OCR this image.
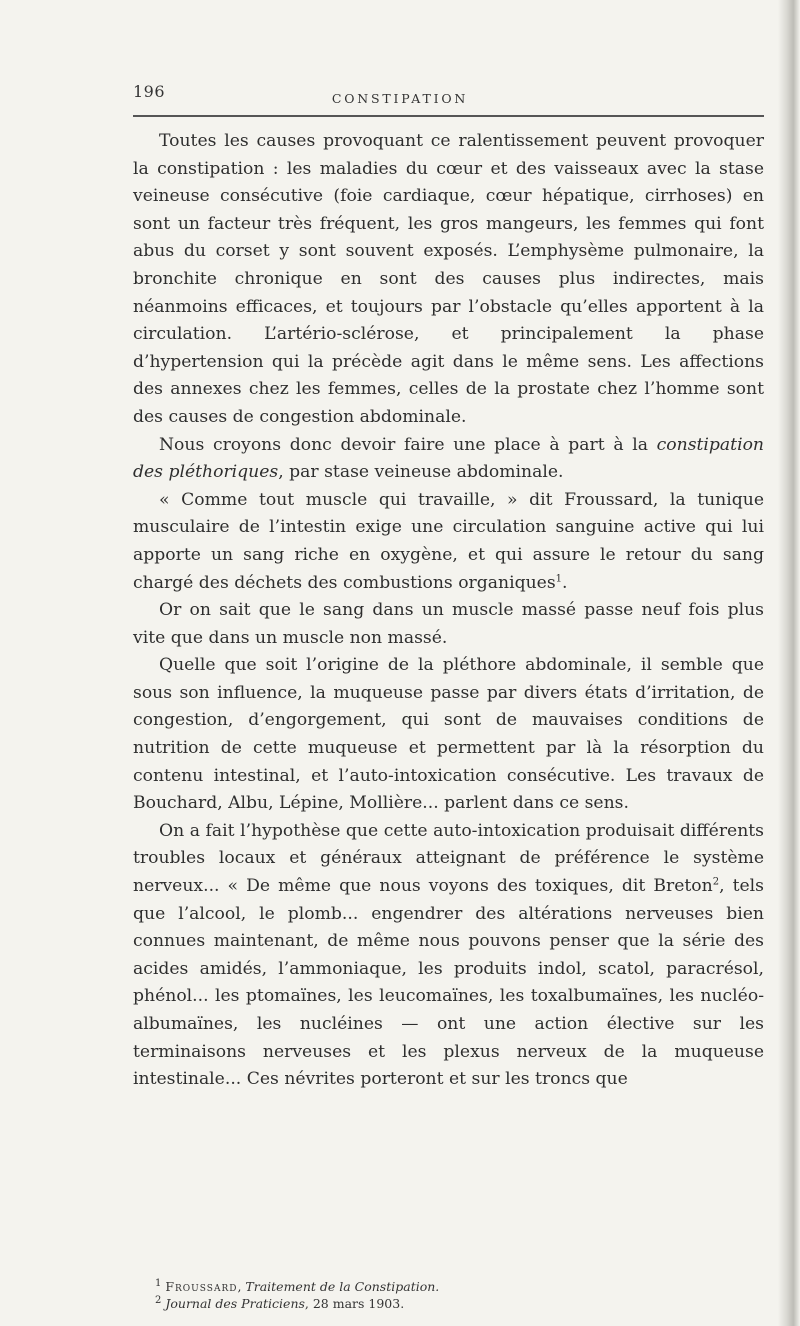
196	CONSTIPATION

Toutes les causes provoquant ce ralentissement peuvent provoquer la constipation : les maladies du cœur et des vaisseaux avec la stase veineuse consécutive (foie cardiaque, cœur hépatique, cirrhoses) en sont un facteur très fréquent, les gros mangeurs, les femmes qui font abus du corset y sont souvent exposés. L’emphysème pulmonaire, la bronchite chronique en sont des causes plus indirectes, mais néanmoins efficaces, et toujours par l’obstacle qu’elles apportent à la circulation. L’artério-sclérose, et principalement la phase d’hypertension qui la précède agit dans le même sens. Les affections des annexes chez les femmes, celles de la prostate chez l’homme sont des causes de congestion abdominale.

Nous croyons donc devoir faire une place à part à la constipation des pléthoriques, par stase veineuse abdominale.

« Comme tout muscle qui travaille, » dit Froussard, la tunique musculaire de l’intestin exige une circulation sanguine active qui lui apporte un sang riche en oxygène, et qui assure le retour du sang chargé des déchets des combustions organiques$^1$.

Or on sait que le sang dans un muscle massé passe neuf fois plus vite que dans un muscle non massé.

Quelle que soit l’origine de la pléthore abdominale, il semble que sous son influence, la muqueuse passe par divers états d’irritation, de congestion, d’engorgement, qui sont de mauvaises conditions de nutrition de cette muqueuse et permettent par là la résorption du contenu intestinal, et l’auto-intoxication consécutive. Les travaux de Bouchard, Albu, Lépine, Mollière... parlent dans ce sens.

On a fait l’hypothèse que cette auto-intoxication produisait différents troubles locaux et généraux atteignant de préférence le système nerveux... « De même que nous voyons des toxiques, dit Breton$^2$, tels que l’alcool, le plomb... engendrer des altérations nerveuses bien connues maintenant, de même nous pouvons penser que la série des acides amidés, l’ammoniaque, les produits indol, scatol, paracrésol, phénol... les ptomaïnes, les leucomaïnes, les toxalbumaïnes, les nucléo-albumaïnes, les nucléines — ont une action élective sur les terminaisons nerveuses et les plexus nerveux de la muqueuse intestinale... Ces névrites porteront et sur les troncs que

$^1$ Froussard, Traitement de la Constipation.

$^2$ Journal des Praticiens, 28 mars 1903.
